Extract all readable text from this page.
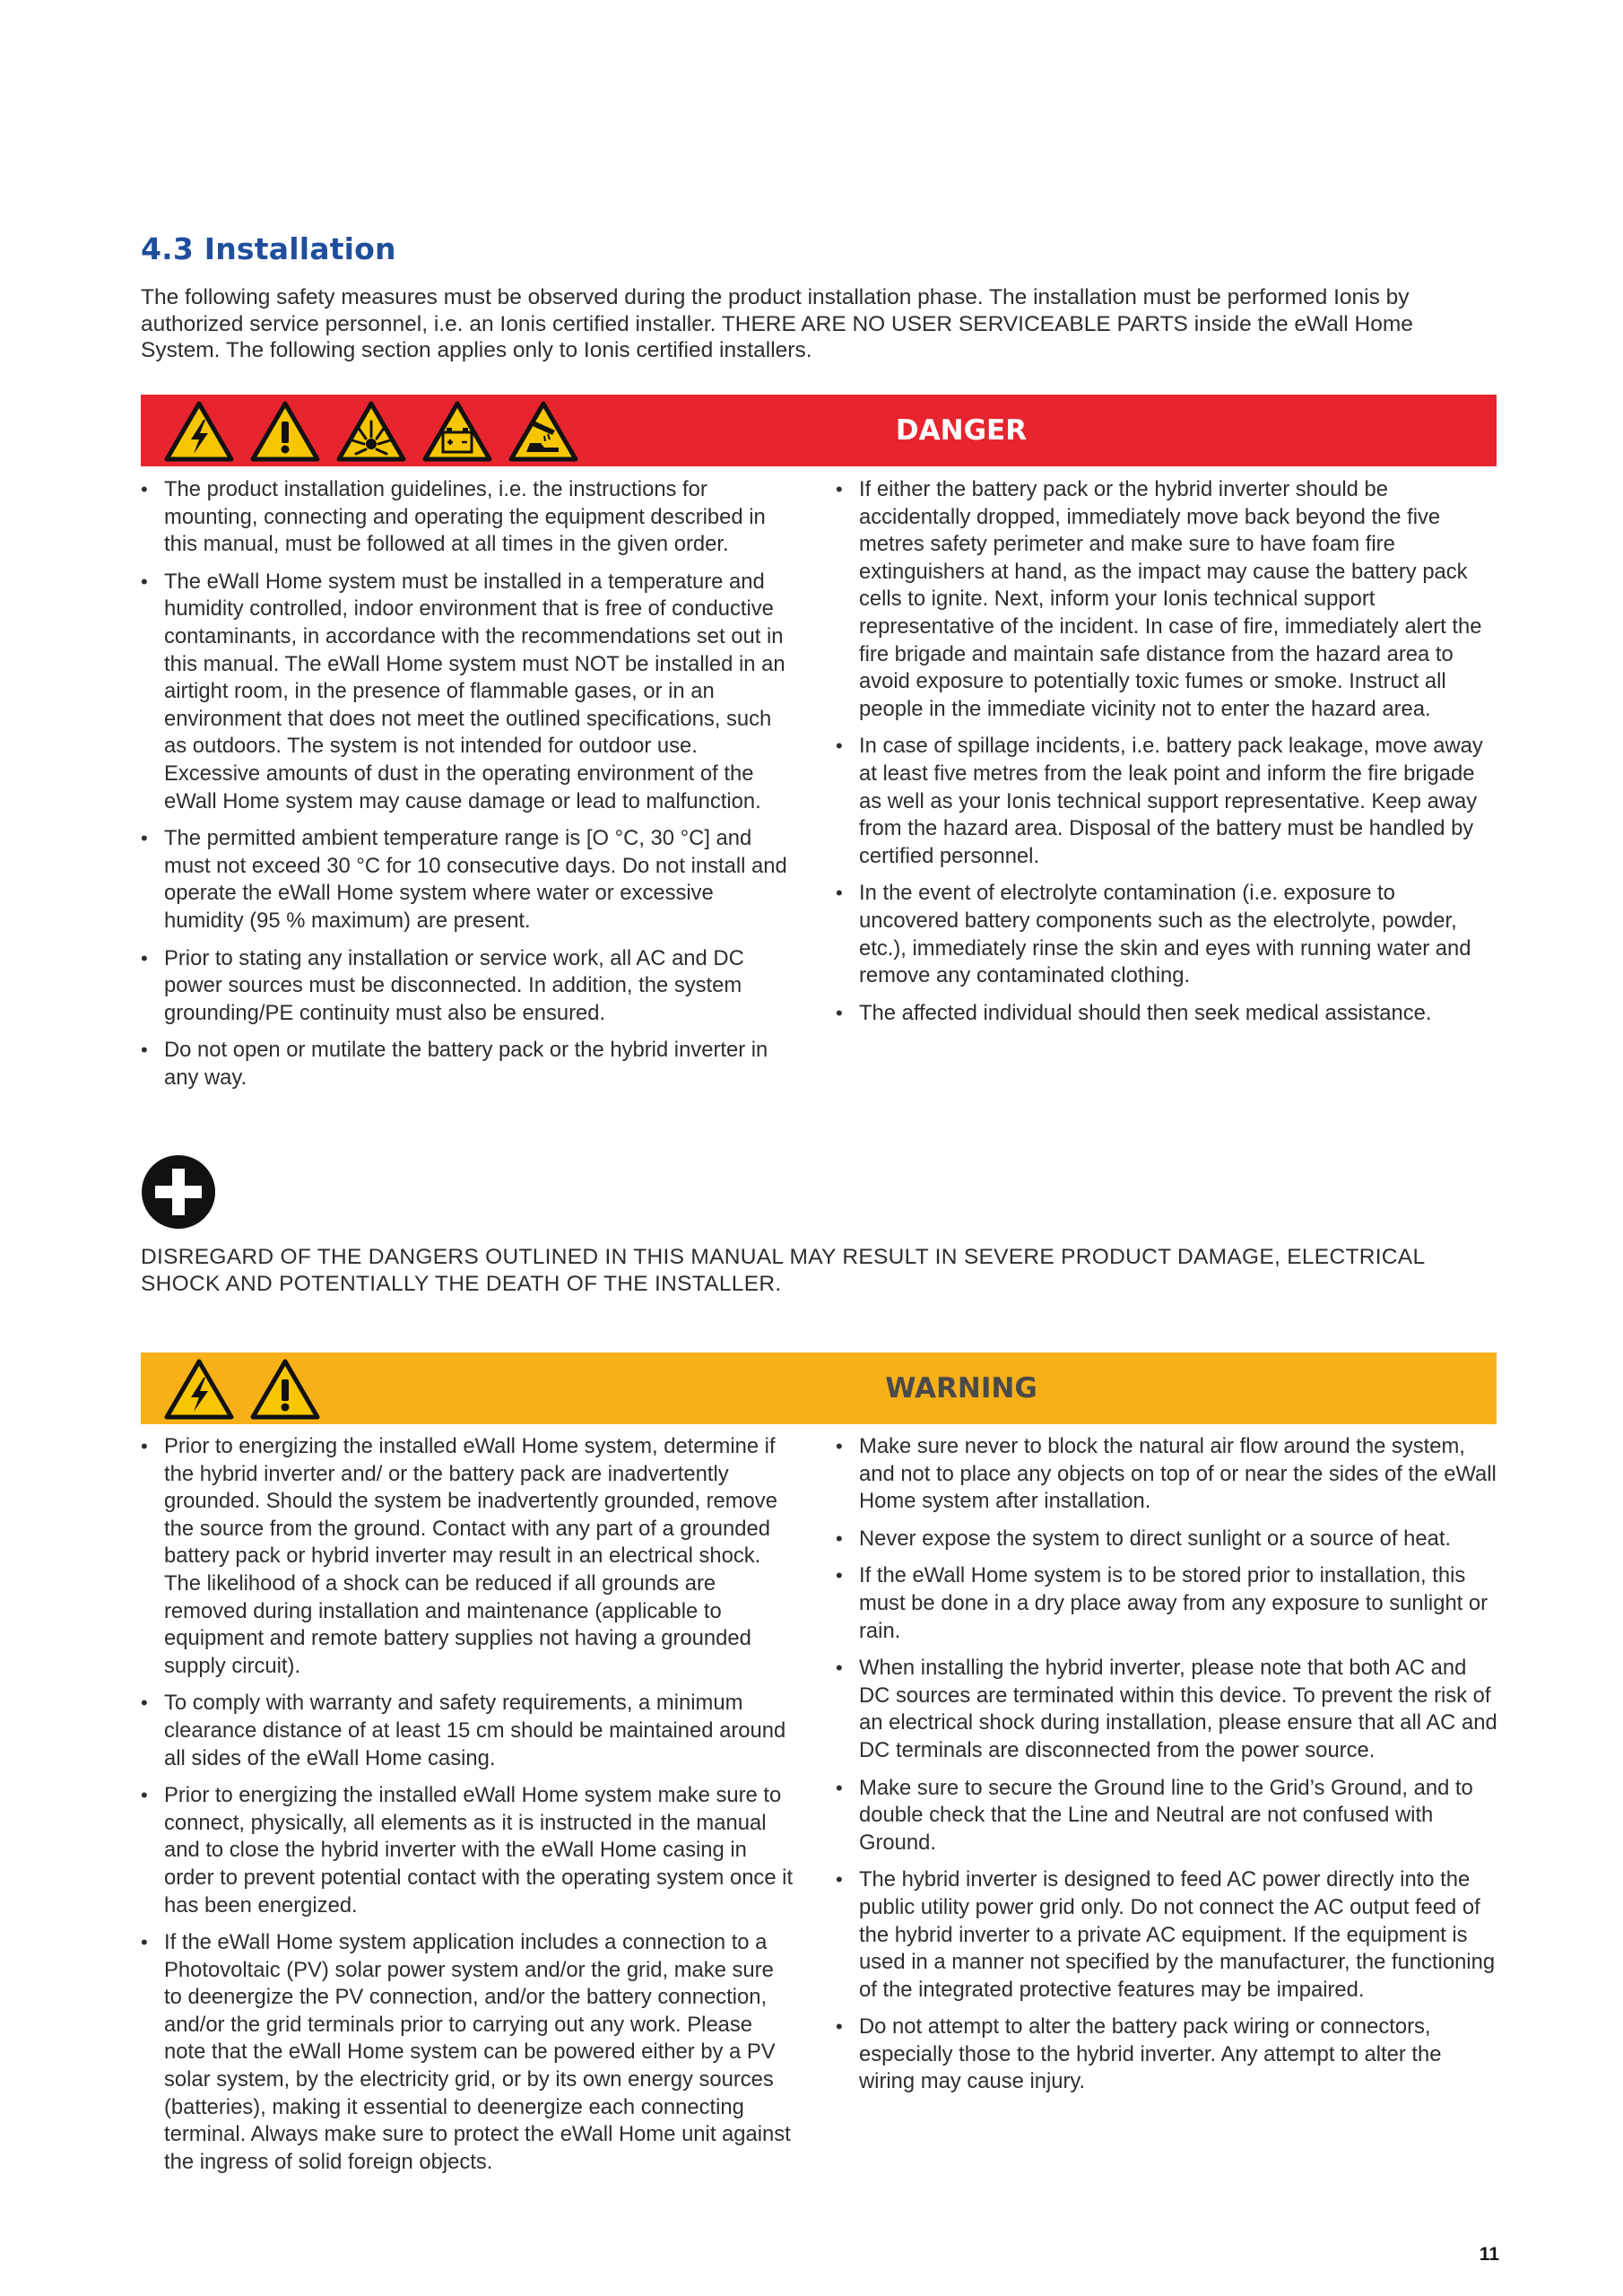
4.3 Installation

The following safety measures must be observed during the product installation phase. The installation must be performed Ionis by authorized service personnel, i.e. an Ionis certified installer. THERE ARE NO USER SERVICEABLE PARTS inside the eWall Home System. The following section applies only to Ionis certified installers.

DANGER
• The product installation guidelines, i.e. the instructions for mounting, connecting and operating the equipment described in this manual, must be followed at all times in the given order.
• The eWall Home system must be installed in a temperature and humidity controlled, indoor environment that is free of conductive contaminants, in accordance with the recommendations set out in this manual. The eWall Home system must NOT be installed in an airtight room, in the presence of flammable gases, or in an environment that does not meet the outlined specifications, such as outdoors. The system is not intended for outdoor use. Excessive amounts of dust in the operating environment of the eWall Home system may cause damage or lead to malfunction.
• The permitted ambient temperature range is [O °C, 30 °C] and must not exceed 30 °C for 10 consecutive days. Do not install and operate the eWall Home system where water or excessive humidity (95 % maximum) are present.
• Prior to stating any installation or service work, all AC and DC power sources must be disconnected. In addition, the system grounding/PE continuity must also be ensured.
• Do not open or mutilate the battery pack or the hybrid inverter in any way.
• If either the battery pack or the hybrid inverter should be accidentally dropped, immediately move back beyond the five metres safety perimeter and make sure to have foam fire extinguishers at hand, as the impact may cause the battery pack cells to ignite. Next, inform your Ionis technical support representative of the incident. In case of fire, immediately alert the fire brigade and maintain safe distance from the hazard area to avoid exposure to potentially toxic fumes or smoke. Instruct all people in the immediate vicinity not to enter the hazard area.
• In case of spillage incidents, i.e. battery pack leakage, move away at least five metres from the leak point and inform the fire brigade as well as your Ionis technical support representative. Keep away from the hazard area. Disposal of the battery must be handled by certified personnel.
• In the event of electrolyte contamination (i.e. exposure to uncovered battery components such as the electrolyte, powder, etc.), immediately rinse the skin and eyes with running water and remove any contaminated clothing.
• The affected individual should then seek medical assistance.

DISREGARD OF THE DANGERS OUTLINED IN THIS MANUAL MAY RESULT IN SEVERE PRODUCT DAMAGE, ELECTRICAL SHOCK AND POTENTIALLY THE DEATH OF THE INSTALLER.

WARNING
• Prior to energizing the installed eWall Home system, determine if the hybrid inverter and/ or the battery pack are inadvertently grounded. Should the system be inadvertently grounded, remove the source from the ground. Contact with any part of a grounded battery pack or hybrid inverter may result in an electrical shock. The likelihood of a shock can be reduced if all grounds are removed during installation and maintenance (applicable to equipment and remote battery supplies not having a grounded supply circuit).
• To comply with warranty and safety requirements, a minimum clearance distance of at least 15 cm should be maintained around all sides of the eWall Home casing.
• Prior to energizing the installed eWall Home system make sure to connect, physically, all elements as it is instructed in the manual and to close the hybrid inverter with the eWall Home casing in order to prevent potential contact with the operating system once it has been energized.
• If the eWall Home system application includes a connection to a Photovoltaic (PV) solar power system and/or the grid, make sure to deenergize the PV connection, and/or the battery connection, and/or the grid terminals prior to carrying out any work. Please note that the eWall Home system can be powered either by a PV solar system, by the electricity grid, or by its own energy sources (batteries), making it essential to deenergize each connecting terminal. Always make sure to protect the eWall Home unit against the ingress of solid foreign objects.
• Make sure never to block the natural air flow around the system, and not to place any objects on top of or near the sides of the eWall Home system after installation.
• Never expose the system to direct sunlight or a source of heat.
• If the eWall Home system is to be stored prior to installation, this must be done in a dry place away from any exposure to sunlight or rain.
• When installing the hybrid inverter, please note that both AC and DC sources are terminated within this device. To prevent the risk of an electrical shock during installation, please ensure that all AC and DC terminals are disconnected from the power source.
• Make sure to secure the Ground line to the Grid’s Ground, and to double check that the Line and Neutral are not confused with Ground.
• The hybrid inverter is designed to feed AC power directly into the public utility power grid only. Do not connect the AC output feed of the hybrid inverter to a private AC equipment. If the equipment is used in a manner not specified by the manufacturer, the functioning of the integrated protective features may be impaired.
• Do not attempt to alter the battery pack wiring or connectors, especially those to the hybrid inverter. Any attempt to alter the wiring may cause injury.
11
